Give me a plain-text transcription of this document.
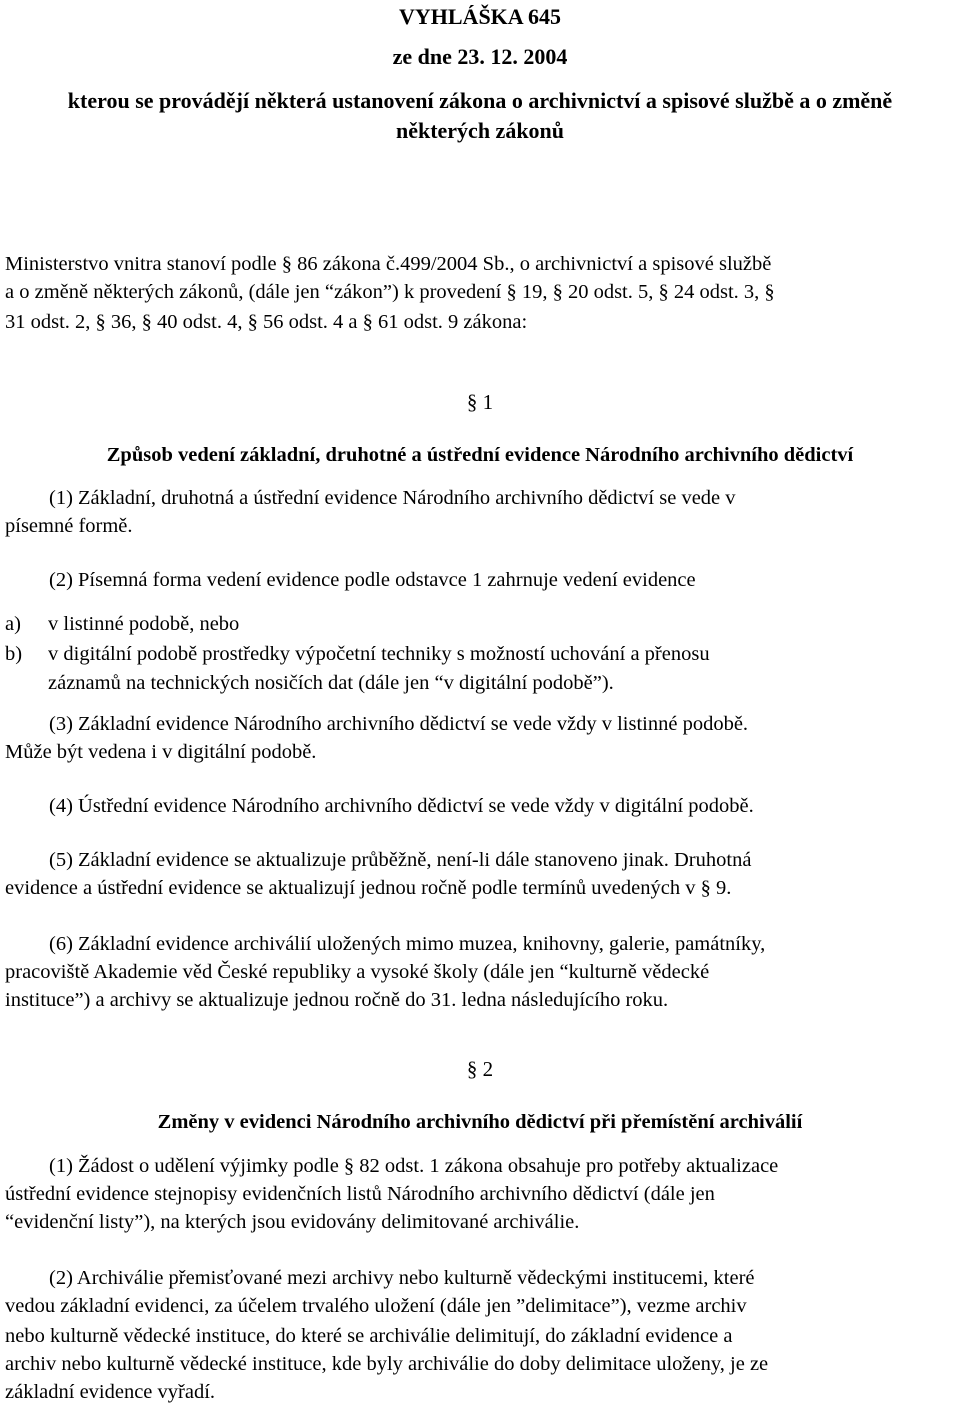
VYHLÁŠKA 645
ze dne 23. 12. 2004
kterou se provádějí některá ustanovení zákona o archivnictví a spisové službě a o změně
některých zákonů
Ministerstvo vnitra stanoví podle § 86 zákona č.499/2004 Sb., o archivnictví a spisové službě
a o změně některých zákonů, (dále jen “zákon”) k provedení § 19, § 20 odst. 5, § 24 odst. 3, §
31 odst. 2, § 36, § 40 odst. 4, § 56 odst. 4 a § 61 odst. 9 zákona:
§ 1
Způsob vedení základní, druhotné a ústřední evidence Národního archivního dědictví
(1) Základní, druhotná a ústřední evidence Národního archivního dědictví se vede v
písemné formě.
(2) Písemná forma vedení evidence podle odstavce 1 zahrnuje vedení evidence
a) v listinné podobě, nebo
b) v digitální podobě prostředky výpočetní techniky s možností uchování a přenosu
záznamů na technických nosičích dat (dále jen “v digitální podobě”).
(3) Základní evidence Národního archivního dědictví se vede vždy v listinné podobě.
Může být vedena i v digitální podobě.
(4) Ústřední evidence Národního archivního dědictví se vede vždy v digitální podobě.
(5) Základní evidence se aktualizuje průběžně, není-li dále stanoveno jinak. Druhotná
evidence a ústřední evidence se aktualizují jednou ročně podle termínů uvedených v § 9.
(6) Základní evidence archiválií uložených mimo muzea, knihovny, galerie, památníky,
pracoviště Akademie věd České republiky a vysoké školy (dále jen “kulturně vědecké
instituce”) a archivy se aktualizuje jednou ročně do 31. ledna následujícího roku.
§ 2
Změny v evidenci Národního archivního dědictví při přemístění archiválií
(1) Žádost o udělení výjimky podle § 82 odst. 1 zákona obsahuje pro potřeby aktualizace
ústřední evidence stejnopisy evidenčních listů Národního archivního dědictví (dále jen
“evidenční listy”), na kterých jsou evidovány delimitované archiválie.
(2) Archiválie přemisťované mezi archivy nebo kulturně vědeckými institucemi, které
vedou základní evidenci, za účelem trvalého uložení (dále jen ”delimitace”), vezme archiv
nebo kulturně vědecké instituce, do které se archiválie delimitují, do základní evidence a
archiv nebo kulturně vědecké instituce, kde byly archiválie do doby delimitace uloženy, je ze
základní evidence vyřadí.
